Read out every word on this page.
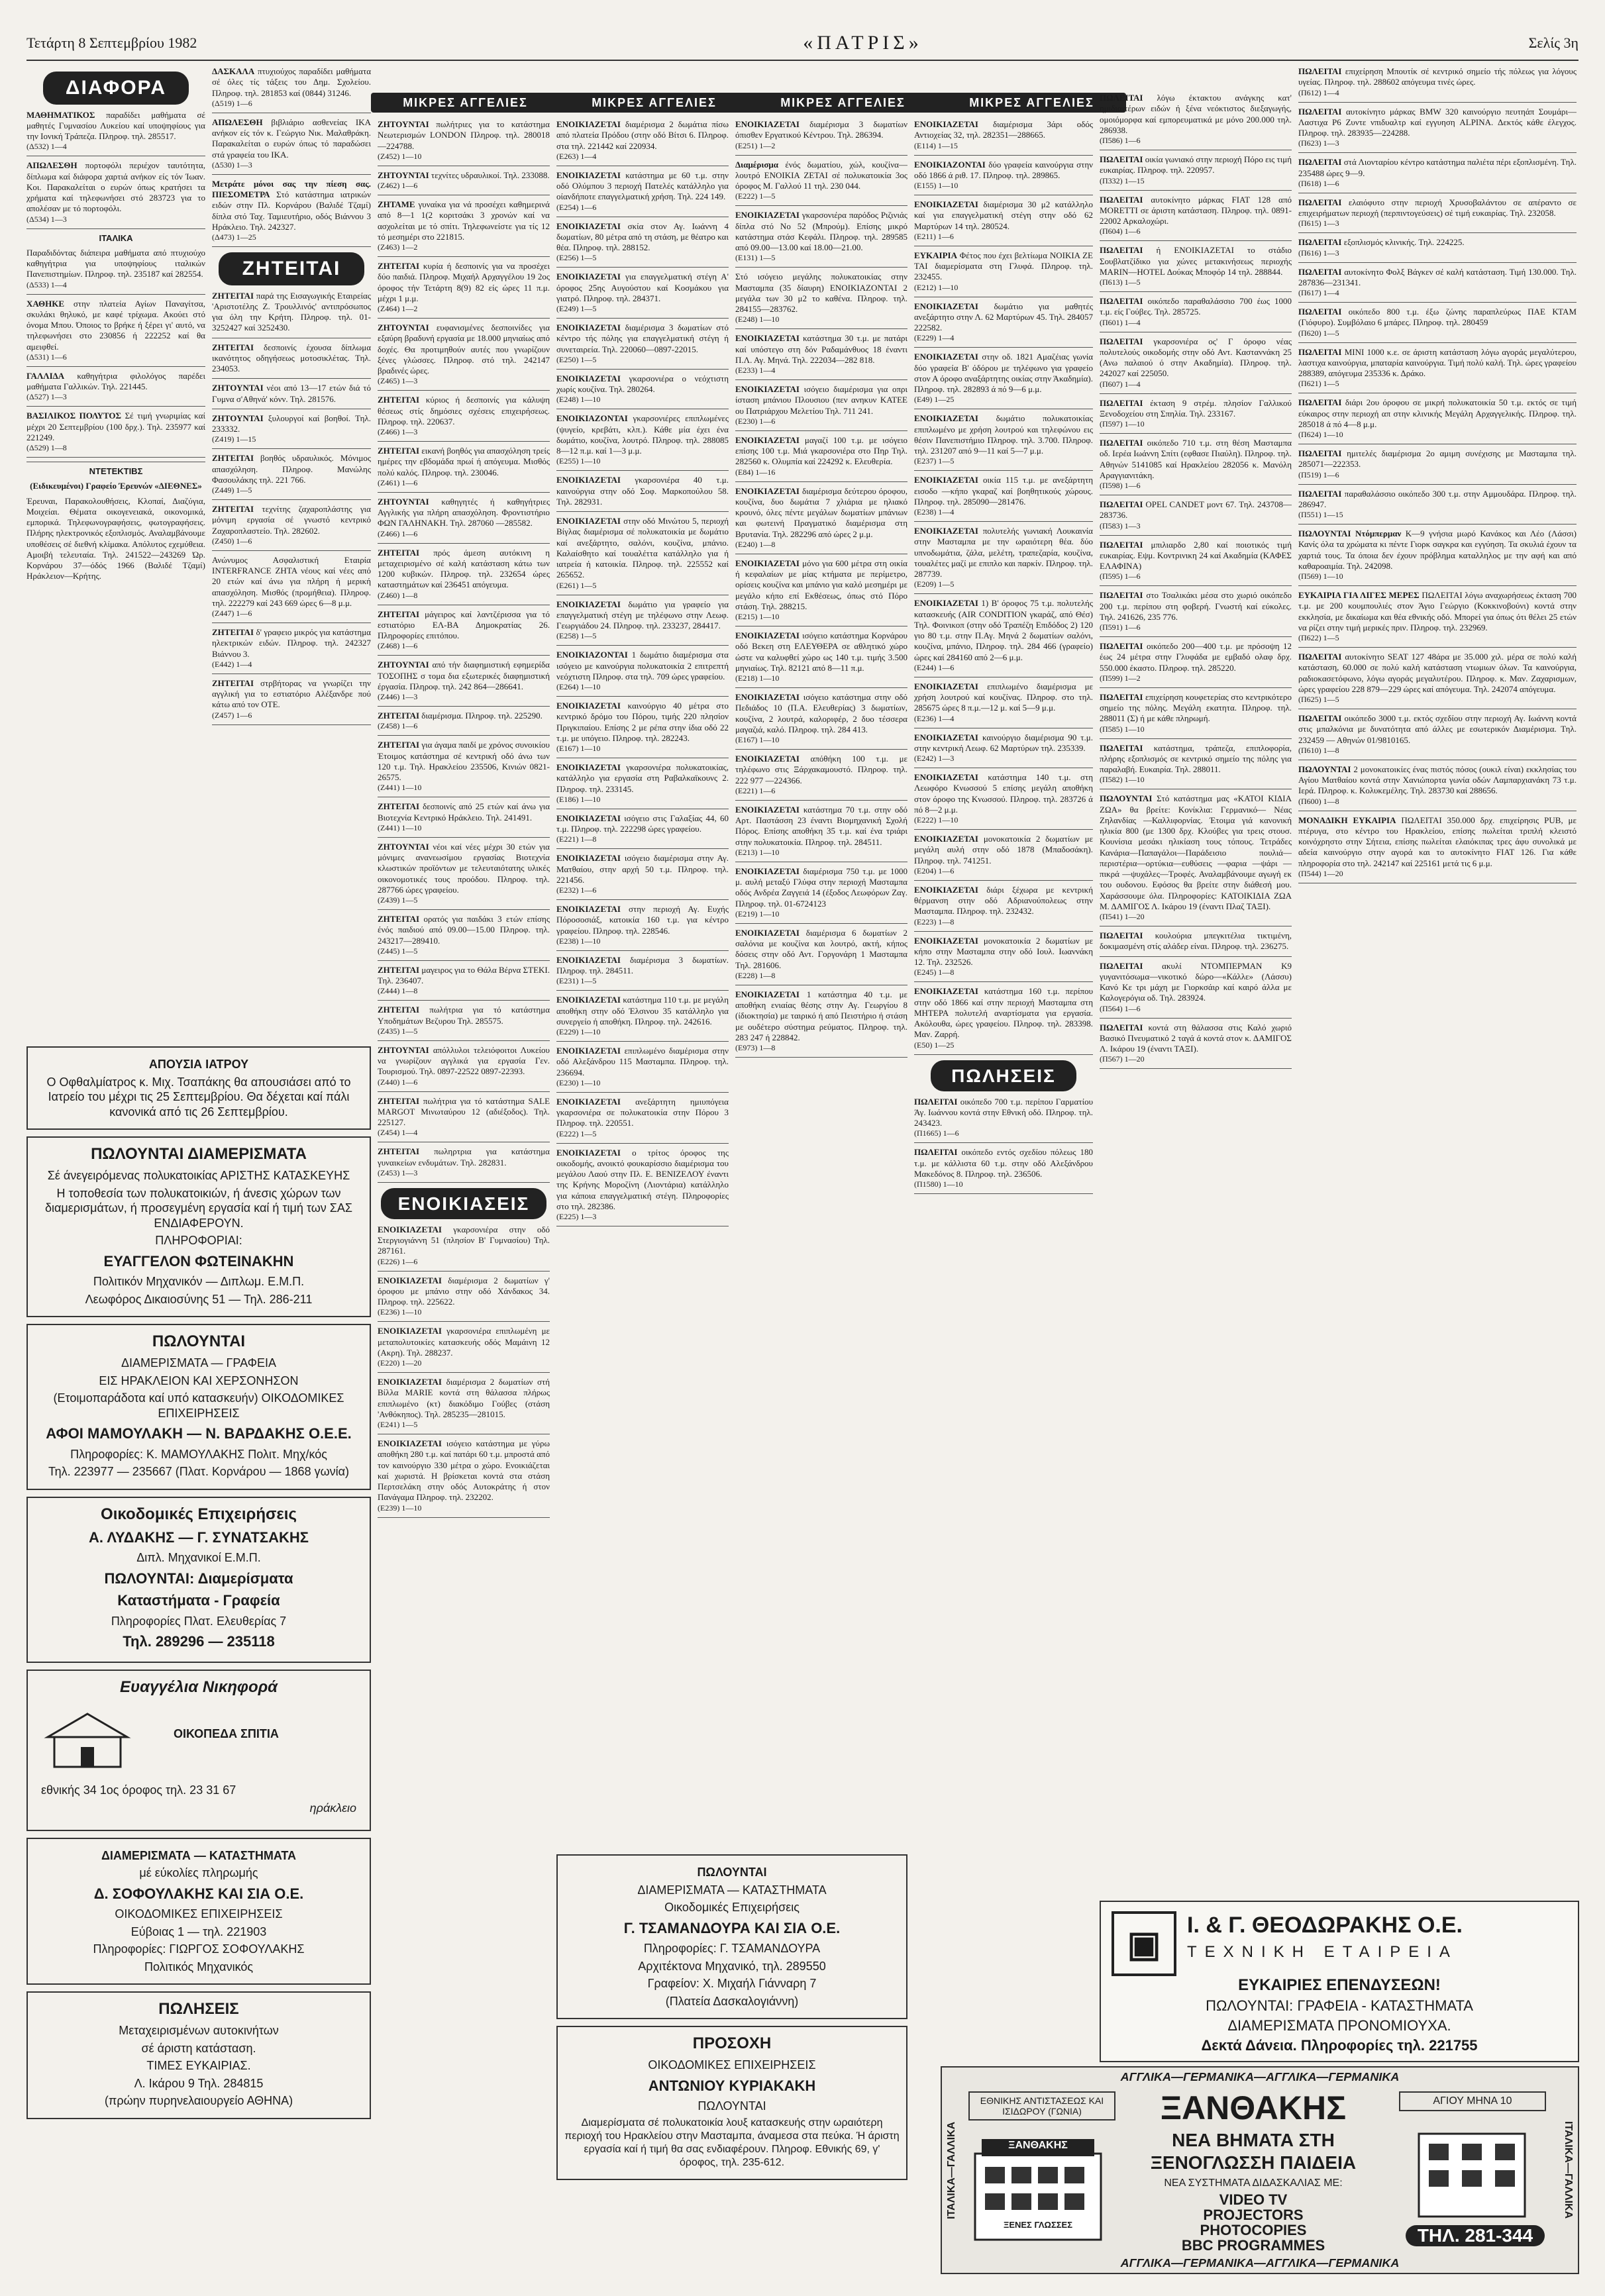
Τετάρτη 8 Σεπτεμβρίου 1982	«ΠΑΤΡΙΣ»	Σελίς 3η
ΜΙΚΡΕΣ ΑΓΓΕΛΙΕΣ	ΜΙΚΡΕΣ ΑΓΓΕΛΙΕΣ	ΜΙΚΡΕΣ ΑΓΓΕΛΙΕΣ	ΜΙΚΡΕΣ ΑΓΓΕΛΙΕΣ
ΔΙΑΦΟΡΑ

ΜΑΘΗΜΑΤΙΚΟΣ παραδίδει μαθήματα σέ μαθητές Γυμνασίου Λυκείου καί υποψηφίους για την Ιονική Τράπεζα. Πληροφ. τηλ. 285517.
(Δ532) 1—4

ΑΠΩΛΕΣΘΗ πορτοφόλι περιέχον ταυτότητα, δίπλωμα καί διάφορα χαρτιά ανήκον είς τόν Ίωαν. Κοι. Παρακαλείται ο ευρών όπως κρατήσει τα χρήματα καί τηλεφωνήσει στό 283723 για το απολέσαν με τό πορτοφόλι.
(Δ534) 1—3

ΙΤΑΛΙΚΑ

Παραδιδόντας διάπειρα μαθήματα από πτυχιούχο καθηγήτρια για υποψηφίους ιταλικών Πανεπιστημίων. Πληροφ. τηλ. 235187 καί 282554.
(Δ533) 1—4

ΧΑΘΗΚΕ στην πλατεία Αγίων Παναγίτσα, σκυλάκι θηλυκό, με καφέ τρίχωμα. Ακούει στό όνομα Μπου. Όποιος το βρήκε ή ξέρει γι' αυτό, να τηλεφωνήσει στο 230856 ή 222252 καί θα αμειφθεί.
(Δ531) 1—6

ΓΑΛΛΙΔΑ καθηγήτρια φιλολόγος παρέδει μαθήματα Γαλλικών. Τηλ. 221445.
(Δ527) 1—3

ΒΑΣΙΛΙΚΟΣ ΠΟΛΥΤΟΣ Σέ τιμή γνωριμίας καί μέχρι 20 Σεπτεμβρίου (100 δρχ.). Τηλ. 235977 καί 221249.
(Δ529) 1—8

ΝΤΕΤΕΚΤΙΒΣ

(Ειδικευμένοι) Γραφείο Έρευνών «ΔΙΕΘΝΕΣ»

Έρευναι, Παρακολουθήσεις, Κλοπαί, Διαζύγια, Μοιχείαι. Θέματα οικογενειακά, οικονομικά, εμπορικά. Τηλεφωνογραφήσεις, φωτογραφήσεις. Πλήρης ηλεκτρονικός εξοπλισμός. Αναλαμβάνουμε υποθέσεις σέ διεθνή κλίμακα. Απόλυτος εχεμύθεια. Αμοιβή τελευταία. Τηλ. 241522—243269 Ώρ. Κορνάρου 37—όδός 1966 (Βαλιδέ Τζαμί) Ηράκλειον—Κρήτης.

ΑΠΟΥΣΙΑ ΙΑΤΡΟΥ
Ο Οφθαλμίατρος κ. Μιχ. Τσαπάκης θα απουσιάσει από το Ιατρείο του μέχρι τις 25 Σεπτεμβρίου. Θα δέχεται καί πάλι κανονικά από τις 26 Σεπτεμβρίου.
ΠΩΛΟΥΝΤΑΙ ΔΙΑΜΕΡΙΣΜΑΤΑ
Σέ άνεγειρόμενας πολυκατοικίας ΑΡΙΣΤΗΣ ΚΑΤΑΣΚΕΥΗΣ
Η τοποθεσία των πολυκατοικιών, ή άνεσις χώρων των διαμερισμάτων, ή προσεγμένη εργασία καί ή τιμή των ΣΑΣ ΕΝΔΙΑΦΕΡΟΥΝ.
ΠΛΗΡΟΦΟΡΙΑΙ:
ΕΥΑΓΓΕΛΟΝ ΦΩΤΕΙΝΑΚΗΝ
Πολιτικόν Μηχανικόν — Διπλωμ. Ε.Μ.Π.
Λεωφόρος Δικαιοσύνης 51 — Τηλ. 286-211
ΠΩΛΟΥΝΤΑΙ
ΔΙΑΜΕΡΙΣΜΑΤΑ — ΓΡΑΦΕΙΑ
ΕΙΣ ΗΡΑΚΛΕΙΟΝ ΚΑΙ ΧΕΡΣΟΝΗΣΟΝ
(Ετοιμοπαράδοτα καί υπό κατασκευήν) ΟΙΚΟΔΟΜΙΚΕΣ ΕΠΙΧΕΙΡΗΣΕΙΣ
ΑΦΟΙ ΜΑΜΟΥΛΑΚΗ — Ν. ΒΑΡΔΑΚΗΣ Ο.Ε.Ε.
Πληροφορίες: Κ. ΜΑΜΟΥΛΑΚΗΣ Πολιτ. Μηχ/κός
Τηλ. 223977 — 235667 (Πλατ. Κορνάρου — 1868 γωνία)
Οικοδομικές Επιχειρήσεις
Α. ΛΥΔΑΚΗΣ — Γ. ΣΥΝΑΤΣΑΚΗΣ
Διπλ. Μηχανικοί Ε.Μ.Π.
ΠΩΛΟΥΝΤΑΙ: Διαμερίσματα
Καταστήματα - Γραφεία
Πληροφορίες Πλατ. Ελευθερίας 7
Τηλ. 289296 — 235118
Ευαγγέλια Νικηφορά
ΟΙΚΟΠΕΔΑ ΣΠΙΤΙΑ
εθνικής 34 1ος όροφος τηλ. 23 31 67
ηράκλειο
ΔΙΑΜΕΡΙΣΜΑΤΑ — ΚΑΤΑΣΤΗΜΑΤΑ
μέ εύκολίες πληρωμής
Δ. ΣΟΦΟΥΛΑΚΗΣ ΚΑΙ ΣΙΑ Ο.Ε.
ΟΙΚΟΔΟΜΙΚΕΣ ΕΠΙΧΕΙΡΗΣΕΙΣ
Εύβοιας 1 — τηλ. 221903
Πληροφορίες: ΓΙΩΡΓΟΣ ΣΟΦΟΥΛΑΚΗΣ
Πολιτικός Μηχανικός
ΠΩΛΗΣΕΙΣ
Μεταχειρισμένων αυτοκινήτων
σέ άριστη κατάσταση.
ΤΙΜΕΣ ΕΥΚΑΙΡΙΑΣ.
Λ. Ικάρου 9 Τηλ. 284815
(πρώην πυρηνελαιουργείο ΑΘΗΝΑ)

ΔΑΣΚΑΛΑ πτυχιούχος παραδίδει μαθήματα σέ όλες τίς τάξεις του Δημ. Σχολείου. Πληροφ. τηλ. 281853 καί (0844) 31246.
(Δ519) 1—6

ΑΠΩΛΕΣΘΗ βιβλιάριο ασθενείας ΙΚΑ ανήκον είς τόν κ. Γεώργιο Νικ. Μαλαθράκη. Παρακαλείται ο ευρών όπως τό παραδώσει στά γραφεία του ΙΚΑ.
(Δ530) 1—3

Μετράτε μόνοι σας την πίεση σας. ΠΙΕΣΟΜΕΤΡΑ Στό κατάστημα ιατρικών ειδών στην Πλ. Κορνάρου (Βαλιδέ Τζαμί) δίπλα στό Ταχ. Ταμιευτήριο, οδός Βιάννου 3 Ηράκλειο. Τηλ. 242327.
(Δ473) 1—25

ΖΗΤΕΙΤΑΙ

ΖΗΤΕΙΤΑΙ παρά της Εισαγωγικής Εταιρείας 'Αριστοτέλης Ζ. Τρουλλινός' αντιπρόσωπος για όλη την Κρήτη. Πληροφ. τηλ. 01-3252427 καί 3252430.

ΖΗΤΕΙΤΑΙ δεσποινίς έχουσα δίπλωμα ικανότητος οδηγήσεως μοτοσικλέτας. Τηλ. 234053.

ΖΗΤΟΥΝΤΑΙ νέοι από 13—17 ετών διά τό Γυμνα σ'Αθηνά' κόνν. Τηλ. 281576.

ΖΗΤΟΥΝΤΑΙ ξυλουργοί καί βοηθοί. Τηλ. 233332.
(Z419) 1—15

ΖΗΤΕΙΤΑΙ βοηθός υδραυλικός. Μόνιμος απασχόληση. Πληροφ. Μανώλης Φασουλάκης τηλ. 221 766.
(Z449) 1—5

ΖΗΤΕΙΤΑΙ τεχνίτης ζαχαροπλάστης για μόνιμη εργασία σέ γνωστό κεντρικό Ζαχαροπλαστείο. Τηλ. 282602.
(Z450) 1—6

Ανώνυμος Ασφαλιστική Εταιρία INTERFRANCE ZHTA νέους καί νέες από 20 ετών καί άνω για πλήρη ή μερική απασχόληση. Μισθός (προμήθεια). Πληροφ. τηλ. 222279 καί 243 669 ώρες 6—8 μ.μ.
(Z447) 1—6

ΖΗΤΕΙΤΑΙ δ' γραφειο μικρός για κατάστημα ηλεκτρικών ειδών. Πληροφ. τηλ. 242327 Βιάννου 3.
(E442) 1—4

ΖΗΤΕΙΤΑΙ στρβήτορας να γνωρίζει την αγγλική για το εστιατόριο Αλέξανδρε πού κάτω από τον ΟΤΕ.
(Z457) 1—6

ΖΗΤΟΥΝΤΑΙ πωλήτριες για το κατάστημα Νεωτερισμών LONDON Πληροφ. τηλ. 280018—224788.
(Z452) 1—10

ΖΗΤΟΥΝΤΑΙ τεχνίτες υδραυλικοί. Τηλ. 233088.
(Z462) 1—6

ΖΗΤΑΜΕ γυναίκα για νά προσέχει καθημερινά από 8—1 1(2 κοριτσάκι 3 χρονών καί να ασχολείται με τό σπίτι. Τηλεφωνείστε για τίς 12 τό μεσημέρι στο 221815.
(Z463) 1—2

ΖΗΤΕΙΤΑΙ κυρία ή δεσποινίς για να προσέχει δύο παιδιά. Πληροφ. Μιχαήλ Αρχαγγέλου 19 2ος όροφος τήν Τετάρτη 8(9) 82 είς ώρες 11 π.μ. μέχρι 1 μ.μ.
(Z464) 1—2

ΖΗΤΟΥΝΤΑΙ ευφανισμένες δεσποινίδες για εξαύρη βραδυνή εργασία με 18.000 μηνιαίως από δοχές. Θα προτιμηθούν αυτές που γνωρίζουν ξένες γλώσσες. Πληροφ. στό τηλ. 242147 βραδινές ώρες.
(Z465) 1—3

ΖΗΤΕΙΤΑΙ κύριος ή δεσποινίς για κάλυψη θέσεως στίς δημόσιες σχέσεις επιχειρήσεως. Πληροφ. τηλ. 220637.
(Z466) 1—3

ΖΗΤΕΙΤΑΙ εικανή βοηθός για απασχόληση τρείς ημέρες την εβδομάδα πρωί ή απόγευμα. Μισθός πολύ καλός. Πληροφ. τηλ. 230046.
(Z461) 1—6

ΖΗΤΟΥΝΤΑΙ καθηγητές ή καθηγήτριες Αγγλικής για πλήρη απασχόληση. Φροντιστήριο ΦΩΝ ΓΑΛΗΝΑΚΗ. Τηλ. 287060 —285582.
(Z466) 1—6

ΖΗΤΕΙΤΑΙ πρός άμεση αυτόκινη η μεταχειρισμένο σέ καλή κατάσταση κάτω των 1200 κυβικών. Πληροφ. τηλ. 232654 ώρες καταστημάτων καί 236451 απόγευμα.
(Z460) 1—8

ΖΗΤΕΙΤΑΙ μάγειρος καί λαντζέρισσα για τό εστιατόριο ΕΛ-ΒΑ Δημοκρατίας 26. Πληροφορίες επιτόπου.
(Z468) 1—6

ΖΗΤΟΥΝΤΑΙ από τήν διαφημιστική εφημερίδα ΤΟΣΟΠΗΣ σ τομα δια εξωτερικές διαφημιστική έργασία. Πληροφ. τηλ. 242 864—286641.
(Z446) 1—3

ΖΗΤΕΙΤΑΙ διαμέρισμα. Πληροφ. τηλ. 225290.
(Z458) 1—6

ΖΗΤΕΙΤΑΙ για άγαμα παιδί με χρόνος συνοικίου Έτοιμος κατάστημα σέ κεντρική οδό άνω των 120 τ.μ. Τηλ. Ηρακλείου 235506, Κινιών 0821-26575.
(Z441) 1—10

ΖΗΤΕΙΤΑΙ δεσποινίς από 25 ετών καί άνω για Βιοτεχνία Κεντρικό Ηράκλειο. Τηλ. 241491.
(Z441) 1—10

ΖΗΤΟΥΝΤΑΙ νέοι καί νέες μέχρι 30 ετών για μόνιμες ανανεωσίμου εργασίας Βιοτεχνία κλωστικών προϊόντων με τελευταιότατης υλικές οικονομοτικές τους προόδου. Πληροφ. τηλ. 287766 ώρες γραφείου.
(Z439) 1—5

ΖΗΤΕΙΤΑΙ ορατός για παιδάκι 3 ετών επίσης ένός παιδιού από 09.00—15.00 Πληροφ. τηλ. 243217—289410.
(Z445) 1—5

ΖΗΤΕΙΤΑΙ μαγειρος για το Θάλα Βέρνα ΣΤΕΚΙ. Τηλ. 236407.
(Z444) 1—8

ΖΗΤΕΙΤΑΙ πωλήτρια για τό κατάστημα Υποδημάτων Βεζυρου Τηλ. 285575.
(Z435) 1—5

ΖΗΤΟΥΝΤΑΙ απόλλυλοι τελειόφοιτοι Λυκείου να γνωρίζουν αγγλικά για εργασία Γεν. Τουρισμού. Τηλ. 0897-22522 0897-22393.
(Z440) 1—6

ΖΗΤΕΙΤΑΙ πωλήτρια για τό κατάστημα SALE MARGOT Μινωταύρου 12 (αδιέξοδος). Τηλ. 225127.
(Z454) 1—4

ΖΗΤΕΙΤΑΙ πωληρτρια για κατάστημα γυναικείων ενδυμάτων. Τηλ. 282831.
(Z453) 1—3

ΕΝΟΙΚΙΑΣΕΙΣ

ΕΝΟΙΚΙΑΖΕΤΑΙ γκαρσονιέρα στην οδό Στεργιογιάννη 51 (πλησίον Β' Γυμνασίου) Τηλ. 287161.
(E226) 1—6

ΕΝΟΙΚΙΑΖΕΤΑΙ διαμέρισμα 2 δωματίων γ' όροφου με μπάνιο στην οδό Χάνδακος 34. Πληροφ. τηλ. 225622.
(E236) 1—10

ΕΝΟΙΚΙΑΖΕΤΑΙ γκαρσονιέρα επιπλωμένη με μεταπολυτοικίες κατασκευής οδός Μαμάινη 12 (Ακρη). Τηλ. 288237.
(E220) 1—20

ΕΝΟΙΚΙΑΖΕΤΑΙ διαμέρισμα 2 δωματίων στή Βίλλα MARIE κοντά στη θάλασσα πλήρως επιπλωμένο (κτ) διακόδιμο Γούβες (στάση 'Ανθόκηπος). Τηλ. 285235—281015.
(E241) 1—5

ΕΝΟΙΚΙΑΖΕΤΑΙ ισόγειο κατάστημα με γύρω αποθήκη 280 τ.μ. καί πατάρι 60 τ.μ. μπροστά από τον καινούργιο 330 μέτρα ο χώρο. Ενοικιάζεται καί χωριστά. Η βρίσκεται κοντά στα στάση Περτσελάκη στην οδός Αυτοκράτης ή στον Πανάγαμα Πληροφ. τηλ. 232202.
(E239) 1—10

ΕΝΟΙΚΙΑΖΕΤΑΙ διαμέρισμα 2 δωμάτια πίσω από πλατεία Πρόδου (στην οδό Βίτσι 6. Πληροφ. στα τηλ. 221442 καί 220934.
(E263) 1—4

ΕΝΟΙΚΙΑΖΕΤΑΙ κατάστημα με 60 τ.μ. στην οδό Ολύμπου 3 περιοχή Πατελές κατάλληλο για οίανδήποτε επαγγελματική χρήση. Τηλ. 224 149.
(E254) 1—6

ΕΝΟΙΚΙΑΖΕΤΑΙ σκία στον Αγ. Ιωάννη 4 δωματίων, 80 μέτρα από τη στάση, με θέατρο και θέα. Πληροφ. τηλ. 288152.
(E256) 1—5

ΕΝΟΙΚΙΑΖΕΤΑΙ για επαγγελματική στέγη Α' όροφος 25ης Αυγούστου καί Κοσμάκου για γιατρό. Πληροφ. τηλ. 284371.
(E249) 1—5

ΕΝΟΙΚΙΑΖΕΤΑΙ διαμέρισμα 3 δωματίων στό κέντρο τής πόλης για επαγγελματική στέγη ή συνεταιρεία. Τηλ. 220060—0897-22015.
(E250) 1—5

ΕΝΟΙΚΙΑΖΕΤΑΙ γκαρσονιέρα ο νεόχτιστη χωρίς κουζίνα. Τηλ. 280264.
(E248) 1—10

ΕΝΟΙΚΙΑΖΟΝΤΑΙ γκαρσονιέρες επιπλωμένες (ψυγείο, κρεβάτι, κλπ.). Κάθε μία έχει ένα δωμάτιο, κουζίνα, λουτρό. Πληροφ. τηλ. 288085 8—12 π.μ. καί 1—3 μ.μ.
(E255) 1—10

ΕΝΟΙΚΙΑΖΕΤΑΙ γκαρσονιέρα 40 τ.μ. καινούργια στην οδό Σοφ. Μαρκοπούλου 58. Τηλ. 282931.

ΕΝΟΙΚΙΑΖΕΤΑΙ στην οδό Μινώτου 5, περιοχή Βίγλας διαμέρισμα σέ πολυκατοικία με δωμάτιο καί ανεξάρτητο, σαλόνι, κουζίνα, μπάνιο. Καλαίσθητο καί τουαλέττα κατάλληλο για ή ιατρεία ή κατοικία. Πληροφ. τηλ. 225552 καί 265652.
(E261) 1—5

ΕΝΟΙΚΙΑΖΕΤΑΙ δωμάτιο για γραφείο για επαγγελματική στέγη με τηλέφωνο στην Λεωφ. Γεωργιάδου 24. Πληροφ. τηλ. 233237, 284417.
(E258) 1—5

ΕΝΟΙΚΙΑΖΟΝΤΑΙ 1 δωμάτιο διαμέρισμα στα ισόγειο με καινούργια πολυκατοικία 2 επιτρεπτή νεόχτιστη Πληροφ. στα τηλ. 709 ώρες γραφείου.
(E264) 1—10

ΕΝΟΙΚΙΑΖΕΤΑΙ καινούργιο 40 μέτρα στο κεντρικό δρόμο του Πόρου, τιμής 220 πλησίον Πριγκιπαίου. Επίσης 2 με ρέπα στην ίδια οδό 22 τ.μ. με υπόγειο. Πληροφ. τηλ. 282243.
(E167) 1—10

ΕΝΟΙΚΙΑΖΕΤΑΙ γκαρσονιέρα πολυκατοικίας, κατάλληλο για εργασία στη Ραβαλκαϊκουνς 2. Πληροφ. τηλ. 233145.
(E186) 1—10

ΕΝΟΙΚΙΑΖΕΤΑΙ ισόγειο στις Γαλαξίας 44, 60 τ.μ. Πληροφ. τηλ. 222298 ώρες γραφείου.
(E221) 1—8

ΕΝΟΙΚΙΑΖΕΤΑΙ ισόγειο διαμέρισμα στην Αγ. Ματθαίου, στην αρχή 50 τ.μ. Πληροφ. τηλ. 221456.
(E232) 1—6

ΕΝΟΙΚΙΑΖΕΤΑΙ στην περιοχή Αγ. Ευχής Πόροσοσιάξ, κατοικία 160 τ.μ. για κέντρο γραφείου. Πληροφ. τηλ. 228546.
(E238) 1—10

ΕΝΟΙΚΙΑΖΕΤΑΙ διαμέρισμα 3 δωματίων. Πληροφ. τηλ. 284511.
(E231) 1—5

ΕΝΟΙΚΙΑΖΕΤΑΙ κατάστημα 110 τ.μ. με μεγάλη αποθήκη στην οδό Έλσινου 35 κατάλληλο για συνεργείο ή αποθήκη. Πληροφ. τηλ. 242616.
(E229) 1—10

ΕΝΟΙΚΙΑΖΕΤΑΙ επιπλωμένο διαμέρισμα στην οδό Αλεξάνδρου 115 Μασταμπα. Πληροφ. τηλ. 236694.
(E230) 1—10

ΕΝΟΙΚΙΑΖΕΤΑΙ ανεξάρτητη ημιυπόγεια γκαρσονιέρα σε πολυκατοικία στην Πόρου 3 Πληροφ. τηλ. 220551.
(E222) 1—5

ΕΝΟΙΚΙΑΖΕΤΑΙ ο τρίτος όροφος της οικοδομής, ανοικτό φουκαρίσσιο διαμέρισμα του μεγάλου Λαού στην Πλ. Ε. ΒΕΝΙΖΕΛΟΥ έναντι της Κρήνης Μοροζίνη (Λιοντάρια) κατάλληλο για κάποια επαγγελματική στέγη. Πληροφορίες στο τηλ. 282386.
(E225) 1—3

ΕΝΟΙΚΙΑΖΕΤΑΙ διαμέρισμα 3 δωματίων όπισθεν Εργατικού Κέντρου. Τηλ. 286394.
(E251) 1—2

Διαμέρισμα ένός δωματίου, χώλ, κουζίνα—λουτρό ΕΝΟΙΚΙΑ ΖΕΤΑΙ σέ πολυκατοικία 3ος όροφος Μ. Γαλλού 11 τηλ. 230 044.
(E222) 1—5

ΕΝΟΙΚΙΑΖΕΤΑΙ γκαρσονιέρα παρόδος Ριζινιάς δίπλα στό Νο 52 (Μπρούμ). Επίσης μικρό κατάστημα στάσ Κεφάλι. Πληροφ. τηλ. 289585 από 09.00—13.00 καί 18.00—21.00.
(E131) 1—5

Στό ισόγειο μεγάλης πολυκατοικίας στην Μασταμπα (35 δίαυρη) ΕΝΟΙΚΙΑΖΟΝΤΑΙ 2 μεγάλα των 30 μ2 το καθένα. Πληροφ. τηλ. 284155—283762.
(E248) 1—10

ΕΝΟΙΚΙΑΖΕΤΑΙ κατάστημα 30 τ.μ. με πατάρι καί υπόστεγο στη δόν Ραδαμάνθυος 18 έναντι Π.Λ. Αγ. Μηνά. Τηλ. 222034—282 818.
(E233) 1—4

ΕΝΟΙΚΙΑΖΕΤΑΙ ισόγειο διαμέρισμα για οπρι ίσταση μπάνιου Πλουσιου (πεν ανηκυν ΚΑΤΕΕ ου Πατριάρχου Μελετίου Τηλ. 711 241.
(E230) 1—6

ΕΝΟΙΚΙΑΖΕΤΑΙ μαγαζί 100 τ.μ. με ισόγειο επίσης 100 τ.μ. Μιά γκαρσονιέρα στο Πηρ Τηλ. 282560 κ. Ολυμπία καί 224292 κ. Ελευθερία.
(E84) 1—16

ΕΝΟΙΚΙΑΖΕΤΑΙ διαμέρισμα δεύτερου όροφου, κουζίνα, δυο δωμάτια 7 χλιάρια με ηλιακό κρουνό, όλες πέντε μεγάλων δωματίων μπάνιων και φωτεινή Πραγματικό διαμέρισμα στη Βρυτανία. Τηλ. 282296 από ώρες 2 μ.μ.
(E240) 1—8

ΕΝΟΙΚΙΑΖΕΤΑΙ μόνο για 600 μέτρα στη οικία ή κεφαλαίων με μίας κτήματα με περίμετρο, ορίσεις κουζίνα και μπάνιο για καλό μεσημέρι με μεγάλο κήπο επί Εκθέσεως, όπως στό Πόρο στάση. Τηλ. 288215.
(E215) 1—10

ΕΝΟΙΚΙΑΖΕΤΑΙ ισόγειο κατάστημα Κορνάρου οδό Βεκεη στη ΕΛΕΥΘΕΡΑ σε αθλητικό χώρο ώστε να καλυφθεί χώρο ως 140 τ.μ. τιμής 3.500 μηνιαίως. Τηλ. 82121 από 8—11 π.μ.
(E218) 1—10

ΕΝΟΙΚΙΑΖΕΤΑΙ ισόγειο κατάστημα στην οδό Πεδιάδος 10 (Π.Α. Ελευθερίας) 3 δωματίων, κουζίνα, 2 λουτρά, καλοριφέρ, 2 δυο τέσσερα μαγαζιά, καλό. Πληροφ. τηλ. 284 413.
(E167) 1—10

ΕΝΟΙΚΙΑΖΕΤΑΙ απόθήκη 100 τ.μ. με τηλέφωνο στις Ξάρχακαμουστό. Πληροφ. τηλ. 222 977 —224366.
(E221) 1—6

ΕΝΟΙΚΙΑΖΕΤΑΙ κατάστημα 70 τ.μ. στην οδό Αρτ. Παστάσση 23 έναντι Βιομηχανική Σχολή Πόρος. Επίσης αποθήκη 35 τ.μ. καί ένα τριάρι στην πολυκατοικία. Πληροφ. τηλ. 284511.
(E213) 1—10

ΕΝΟΙΚΙΑΖΕΤΑΙ διαμέρισμα 750 τ.μ. με 1000 μ. αυλή μεταξύ Γλύφα στην περιοχή Μασταμπα οδός Ανδρέα Ζαγγειά 14 (έξοδος Λεωφόρων Ζαγ. Πληροφ. τηλ. 01-6724123
(E219) 1—10

ΕΝΟΙΚΙΑΖΕΤΑΙ διαμέρισμα 6 δωματίων 2 σαλόνια με κουζίνα και λουτρό, ακτή, κήπος δόσεις στην οδό Αντ. Γοργονάρη 1 Μασταμπα Τηλ. 281606.
(E228) 1—8

ΕΝΟΙΚΙΑΖΕΤΑΙ 1 κατάστημα 40 τ.μ. με αποθήκη ενιαίας θέσης στην Αγ. Γεωργίου 8 (ίδιοκτησία) με ταιρικό ή από Πειστήριο ή στάση με ουδέτερο σύστημα ρεύματος. Πληροφ. τηλ. 283 247 ή 228842.
(E973) 1—8

ΠΩΛΟΥΝΤΑΙ
ΔΙΑΜΕΡΙΣΜΑΤΑ — ΚΑΤΑΣΤΗΜΑΤΑ
Οικοδομικές Επιχειρήσεις
Γ. ΤΣΑΜΑΝΔΟΥΡΑ ΚΑΙ ΣΙΑ Ο.Ε.
Πληροφορίες: Γ. ΤΣΑΜΑΝΔΟΥΡΑ
Αρχιτέκτονα Μηχανικό, τηλ. 289550
Γραφείον: Χ. Μιχαήλ Γιάνναρη 7
(Πλατεία Δασκαλογιάννη)
ΠΡΟΣΟΧΗ
ΟΙΚΟΔΟΜΙΚΕΣ ΕΠΙΧΕΙΡΗΣΕΙΣ
ΑΝΤΩΝΙΟΥ ΚΥΡΙΑΚΑΚΗ
ΠΩΛΟΥΝΤΑΙ
Διαμερίσματα σέ πολυκατοικία λουξ κατασκευής στην ωραιότερη περιοχή του Ηρακλείου στην Μασταμπα, άναμεσα στα πεύκα. Ή άριστη εργασία καί ή τιμή θα σας ενδιαφέρουν. Πληροφ. Εθνικής 69, γ' όροφος, τηλ. 235-612.

ΕΝΟΙΚΙΑΖΕΤΑΙ διαμέρισμα 3άρι οδός Αντιοχείας 32, τηλ. 282351—288665.
(E114) 1—15

ΕΝΟΙΚΙΑΖΟΝΤΑΙ δύο γραφεία καινούργια στην οδό 1866 ά ριθ. 17. Πληροφ. τηλ. 289865.
(E155) 1—10

ΕΝΟΙΚΙΑΖΕΤΑΙ διαμέρισμα 30 μ2 κατάλληλο καί για επαγγελματική στέγη στην οδό 62 Μαρτύρων 14 τηλ. 280524.
(E211) 1—6

ΕΥΚΑΙΡΙΑ Φέτος που έχει βελτίωμα ΝΟΙΚΙΑ ΖΕ ΤΑΙ διαμερίσματα στη Γλυφά. Πληροφ. τηλ. 232455.
(E212) 1—10

ΕΝΟΙΚΙΑΖΕΤΑΙ δωμάτιο για μαθητές ανεξάρτητο στην Λ. 62 Μαρτύρων 45. Τηλ. 284057 222582.
(E229) 1—4

ΕΝΟΙΚΙΑΖΕΤΑΙ στην οδ. 1821 Αμαζέιας γωνία δύο γραφεία Β' όδόρου με τηλέφωνο για γραφείο στον Α όροφο αναξάρτητης οικίας στην Άκαδημία). Πληροφ. τηλ. 282893 ά πό 9—6 μ.μ.
(E49) 1—25

ΕΝΟΙΚΙΑΖΕΤΑΙ δωμάτιο πολυκατοικίας επιπλωμένο με χρήση λουτρού και τηλεφώνου εις θέσιν Πανεπιστήμιο Πληροφ. τηλ. 3.700. Πληροφ. τηλ. 231207 από 9—11 καί 5—7 μ.μ.
(E237) 1—5

ΕΝΟΙΚΙΑΖΕΤΑΙ οικία 115 τ.μ. με ανεξάρτητη εισοδο —κήπο γκαραζ καί βοηθητικούς χώρους. Πληροφ. τηλ. 285090—281476.
(E238) 1—4

ΕΝΟΙΚΙΑΖΕΤΑΙ πολυτελής γωνιακή Λουκαινία στην Μασταμπα με την ωραιότερη θέα. δύο υπνοδωμάτια, ζάλα, μελέτη, τραπεζαρία, κουζίνα, τουαλέτες μαζί με επιπλο και παρκίν. Πληροφ. τηλ. 287739.
(E209) 1—5

ΕΝΟΙΚΙΑΖΕΤΑΙ 1) Β' όροφος 75 τ.μ. πολυτελής κατασκευής (AIR CONDITION γκαράζ, από Θέσ) Τηλ. Φοινικοπ (στην οδό Τραπέζη Επιδόδος 2) 120 γιο 80 τ.μ. στην Π.Αγ. Μηνά 2 δωματίων σαλόνι, κουζίνα, μπάνιο, Πληροφ. τηλ. 284 466 (γραφείο) ώρες καί 284160 από 2—6 μ.μ.
(E244) 1—6

ΕΝΟΙΚΙΑΖΕΤΑΙ επιπλωμένο διαμέρισμα με χρήση λουτρού καί κουζίνας. Πληροφ. στο τηλ. 285675 ώρες 8 π.μ.—12 μ. καί 5—9 μ.μ.
(E236) 1—4

ΕΝΟΙΚΙΑΖΕΤΑΙ καινούργιο διαμέρισμα 90 τ.μ. στην κεντρική Λεωφ. 62 Μαρτύρων τηλ. 235339.
(E242) 1—3

ΕΝΟΙΚΙΑΖΕΤΑΙ κατάστημα 140 τ.μ. στη Λεωφόρο Κνωσσού 5 επίσης μεγάλη αποθήκη στον όροφο της Κνωσσού. Πληροφ. τηλ. 283726 ά πό 8—2 μ.μ.
(E222) 1—10

ΕΝΟΙΚΙΑΖΕΤΑΙ μονοκατοικία 2 δωματίων με μεγάλη αυλή στην οδό 1878 (Μπαδοσάκη). Πληροφ. τηλ. 741251.
(E204) 1—6

ΕΝΟΙΚΙΑΖΕΤΑΙ διάρι ξέχωρα με κεντρική θέρμανση στην οδό Αδριανούπολεως στην Μασταμπα. Πληροφ. τηλ. 232432.
(E223) 1—8

ΕΝΟΙΚΙΑΖΕΤΑΙ μονοκατοικία 2 δωματίων με κήπο στην Μασταμπα στην οδό Ιουλ. Ιωαννάκη 12. Τηλ. 232526.
(E245) 1—8

ΕΝΟΙΚΙΑΖΕΤΑΙ κατάστημα 160 τ.μ. περίπου στην οδό 1866 καί στην περιοχή Μασταμπα στη ΜΗΤΕΡΑ πολυτελή αναρτίσματα για εργασία. Ακόλουθα, ώρες γραφείου. Πληροφ. τηλ. 283398. Μαν. Ζαρρή.
(E50) 1—25

ΠΩΛΗΣΕΙΣ

ΠΩΛΕΙΤΑΙ οικόπεδο 700 τ.μ. περίπου Γαρματίου Άγ. Ιωάννου κοντά στην Εθνική οδό. Πληροφ. τηλ. 243423.
(Π1665) 1—6

ΠΩΛΕΙΤΑΙ οικόπεδο εντός σχεδίου πόλεως 180 τ.μ. με κάλλιστα 60 τ.μ. στην οδό Αλεξάνδρου Μακεδόνος 8. Πληροφ. τηλ. 236506.
(Π1580) 1—10

ΠΩΛΕΙΤΑΙ λόγω έκτακτου ανάγκης κατ' ημιδιαιτέρων ειδών ή ξένα νεόκτιστος διεξαγωγής, ομοιόμορφα καί εμπορευματικά με μόνο 200.000 τηλ. 286938.
(Π586) 1—6

ΠΩΛΕΙΤΑΙ οικία γωνιακό στην περιοχή Πόρο εις τιμή ευκαιρίας. Πληροφ. τηλ. 220957.
(Π332) 1—15

ΠΩΛΕΙΤΑΙ αυτοκίνητο μάρκας FIAT 128 από MORETTI σε άριστη κατάσταση. Πληροφ. τηλ. 0891-22002 Αρκαλοχώρι.
(Π604) 1—6

ΠΩΛΕΙΤΑΙ ή ΕΝΟΙΚΙΑΖΕΤΑΙ το στάδιο Σουβλατζίδικο για χώνες μετακινήσεως περιοχής MARIN—HOTEL Δούκας Μποφόρ 14 τηλ. 288844.
(Π613) 1—5

ΠΩΛΕΙΤΑΙ οικόπεδο παραθαλάσσιο 700 έως 1000 τ.μ. είς Γούβες. Τηλ. 285725.
(Π601) 1—4

ΠΩΛΕΙΤΑΙ γκαρσονιέρα ος' Γ όροφο νέας πολυτελούς οικοδομής στην οδό Αντ. Κασταννάκη 25 (Ανω παλαιού ό στην Ακαδημία). Πληροφ. τηλ. 242027 καί 225050.
(Π607) 1—4

ΠΩΛΕΙΤΑΙ έκταση 9 στρέμ. πλησίον Γαλλικού Ξενοδοχείου στη Σπηλία. Τηλ. 233167.
(Π597) 1—10

ΠΩΛΕΙΤΑΙ οικόπεδο 710 τ.μ. στη θέση Μασταμπα οδ. Ιερέα Ιωάννη Σπίτι (εφθασε Πιαύλη). Πληροφ. τηλ. Αθηνών 5141085 καί Ηρακλείου 282056 κ. Μανόλη Αραγγιανιτάκη.
(Π598) 1—6

ΠΩΛΕΙΤΑΙ OPEL CANDET μοντ 67. Τηλ. 243708—283736.
(Π583) 1—3

ΠΩΛΕΙΤΑΙ μπιλιαρδο 2,80 καί ποιοτικός τιμή ευκαιρίας. Εψμ. Κοντρινικη 24 καί Ακαδημία (ΚΑΦΕΣ ΕΛΑΦΙΝΑ)
(Π595) 1—6

ΠΩΛΕΙΤΑΙ στο Τσαλικάκι μέσα στο χωριό οικόπεδο 200 τ.μ. περίπου στη φοβερή. Γνωστή καί εύκολες. Τηλ. 241626, 235 776.
(Π591) 1—6

ΠΩΛΕΙΤΑΙ οικόπεδο 200—400 τ.μ. με πρόσοψη 12 έως 24 μέτρα στην Γλυφάδα με εμβαδό ολαφ δρχ. 550.000 έκαστο. Πληροφ. τηλ. 285220.
(Π599) 1—2

ΠΩΛΕΙΤΑΙ επιχείρηση κουφετερίας στο κεντρικότερο σημείο της πόλης. Μεγάλη εκατητα. Πληροφ. τηλ. 288011 (Σ) ή με κάθε πληρωμή.
(Π585) 1—10

ΠΩΛΕΙΤΑΙ κατάστημα, τράπεζα, επιπλοφορία, πλήρης εξοπλισμός σε κεντρικό σημείο της πόλης για παραλαβή. Ευκαιρία. Τηλ. 288011.
(Π582) 1—10

ΠΩΛΟΥΝΤΑΙ Στό κατάστημα μας «ΚΑΤΟΙ ΚΙΔΙΑ ΖΩΑ» θα βρείτε: Κονίκλια: Γερμανικό— Νέας Ζηλανδίας —Καλλιφορνίας. Έτοιμα γιά κανονική ηλικία 800 (με 1300 δρχ. Κλούβες για τρεις στουσ. Κουνίσια μεσάκι ηλικίαση τους τόπους. Τετράδες Κανάρια—Παπαγάλοι—Παράδεισιο πουλιά—περιστέρια—ορτύκια—ευθύσεις —φαρια —ψάρι —πικρά —ψυχάλες—Τροφές. Αναλαμβάνουμε αγωγή εκ του ουδονου. Εφόσος θα βρείτε στην διάθεσή μου. Χαράσσουμε όλα. Πληροφορίες: ΚΑΤΟΙΚΙΔΙΑ ΖΩΑ Μ. ΔΑΜΙΓΟΣ Λ. Ικάρου 19 (έναντι Πλαζ ΤΑΞΙ).
(Π541) 1—20

ΠΩΛΕΙΤΑΙ κουλούρια μπεγκιτέλια τικτιμένη, δοκιμασμένη στίς αλάδερ είναι. Πληροφ. τηλ. 236275.

ΠΩΛΕΙΤΑΙ ακυλί ΝΤΟΜΠΕΡΜΑΝ Κ9 γυγανιτόσωμα—νικοτικό δώρο—«Κάλλε» (Λάσσυ) Κανό Κε τρι μάχη με Γιορκσάιρ καί καιρό άλλα με Καλογερόγια οδ. Τηλ. 283924.
(Π564) 1—6

ΠΩΛΕΙΤΑΙ κοντά στη θάλασσα στις Καλό χωριό Βασικό Πνευματικό 2 ταγά ά κοντά στον κ. ΔΑΜΙΓΟΣ Λ. Ικάρου 19 (έναντι ΤΑΞΙ).
(Π567) 1—20

ΠΩΛΕΙΤΑΙ επιχείρηση Μπουτίκ σέ κεντρικό σημείο τής πόλεως για λόγους υγείας. Πληροφ. τηλ. 288602 απόγευμα τινές ώρες.
(Π612) 1—4

ΠΩΛΕΙΤΑΙ αυτοκίνητο μάρκας BMW 320 καινούργιο πευτηάπ Σουμάρι—Λαστιχα Ρ6 Ζυντε νπιδυαλτρ καί εγγυηση ALPINA. Δεκτός κάθε έλεγχος. Πληροφ. τηλ. 283935—224288.
(Π623) 1—3

ΠΩΛΕΙΤΑΙ στά Λιονταρίου κέντρο κατάστημα παλιέτα πέρι εξοπλισμένη. Τηλ. 235488 ώρες 9—9.
(Π618) 1—6

ΠΩΛΕΙΤΑΙ ελαιόφυτο στην περιοχή Χρυσοβαλάντου σε απέραντο σε επιχειρήματων περιοχή (περπιντογεύσεις) σέ τιμή ευκαιρίας. Τηλ. 232058.
(Π615) 1—3

ΠΩΛΕΙΤΑΙ εξοπλισμός κλινικής. Τηλ. 224225.
(Π616) 1—3

ΠΩΛΕΙΤΑΙ αυτοκίνητο Φολξ Βάγκεν σέ καλή κατάσταση. Τιμή 130.000. Τηλ. 287836—231341.
(Π617) 1—4

ΠΩΛΕΙΤΑΙ οικόπεδο 800 τ.μ. έξω ζώνης παραπλεύρως ΠΑΕ ΚΤΑΜ (Γιόφυρο). Συμβόλαιο 6 μπάρες. Πληροφ. τηλ. 280459
(Π620) 1—5

ΠΩΛΕΙΤΑΙ MINI 1000 κ.ε. σε άριστη κατάσταση λόγω αγοράς μεγαλύτερου, λαστιχα καινούργια, μπαταρία καινούργια. Τιμή πολύ καλή. Τηλ. ώρες γραφείου 288389, απόγευμα 235336 κ. Δράκο.
(Π621) 1—5

ΠΩΛΕΙΤΑΙ διάρι 2ου όροφου σε μικρή πολυκατοικία 50 τ.μ. εκτός σε τιμή εύκαιρος στην περιοχή απ στην κλινικής Μεγάλη Αρχαγγελικής. Πληροφ. τηλ. 285018 ά πό 4—8 μ.μ.
(Π624) 1—10

ΠΩΛΕΙΤΑΙ ημιτελές διαμέρισμα 2ο αμιμη συνέχισης με Μασταμπα τηλ. 285071—222353.
(Π519) 1—6

ΠΩΛΕΙΤΑΙ παραθαλάσσιο οικόπεδο 300 τ.μ. στην Αμμουδάρα. Πληροφ. τηλ. 286947.
(Π551) 1—15

ΠΩΛΟΥΝΤΑΙ Ντόμπερμαν Κ—9 γνήσια μωρό Κανάκος και Λέο (Λάσσι) Κανίς όλα τα χρώματα κι πέντε Γιορκ σαγκρα και εγγύηση. Τα σκυλιά έχουν τα χαρτιά τους. Τα όποια δεν έχουν πρόβλημα καταλληλος με την αφή και από καθαροαιμία. Τηλ. 242098.
(Π569) 1—10

ΕΥΚΑΙΡΙΑ ΓΙΑ ΛΙΓΕΣ ΜΕΡΕΣ ΠΩΛΕΙΤΑΙ λόγω αναχωρήσεως έκταση 700 τ.μ. με 200 κουμπουλιές στον Άγιο Γεώργιο (Κοκκινοβούνι) κοντά στην εκκλησία, με δικαίωμα και θέα εθνικής οδό. Μπορεί για όπως ότι θέλει 25 ετών να ρίζει στην τιμή μερικές πριν. Πληροφ. τηλ. 232969.
(Π622) 1—5

ΠΩΛΕΙΤΑΙ αυτοκίνητο SEAT 127 48άρα με 35.000 χιλ. μέρα σε πολύ καλή κατάσταση, 60.000 σε πολύ καλή κατάσταση ντωμιων όλων. Τα καινούργια, ραδιοκασετόφωνο, λόγω αγοράς μεγαλυτέρου. Πληροφ. κ. Μαν. Ζαχαρισμων, ώρες γραφείου 228 879—229 ώρες καί απόγευμα. Τηλ. 242074 απόγευμα.
(Π625) 1—5

ΠΩΛΕΙΤΑΙ οικόπεδο 3000 τ.μ. εκτός σχεδίου στην περιοχή Αγ. Ιωάννη κοντά στις μπαλκόνια με δυνατότητα από άλλες με εσωτερικόν Διαμέρισμα. Τηλ. 232459 — Αθηνών 01/9810165.
(Π610) 1—8

ΠΩΛΟΥΝΤΑΙ 2 μονοκατοικίες ένας πιστός πόσος (ουκιλ είναι) εκκλησίας του Αγίου Ματθαίου κοντά στην Χανιώπορτα γωνία οδών Λαμπαρχιανάκη 73 τ.μ. Ιερά. Πληροφ. κ. Κολυκεμέλης. Τηλ. 283730 καί 288656.
(Π600) 1—8

ΜΟΝΑΔΙΚΗ ΕΥΚΑΙΡΙΑ ΠΩΛΕΙΤΑΙ 350.000 δρχ. επιχείρησις PUB, με πτέρυγα, στο κέντρο του Ηρακλείου, επίσης πωλείται τριπλή κλειστό κοινόχρηστο στην Σήτεια, επίσης πωλείται ελαιόκιπας τρες άφυ συνολικά με αδεία καινούργιο στην αγορά και το αυτοκίνητο FIAT 126. Για κάθε πληροφορία στο τηλ. 242147 καί 225161 μετά τις 6 μ.μ.
(Π544) 1—20

▣	Ι. & Γ. ΘΕΟΔΩΡΑΚΗΣ Ο.Ε.
ΤΕΧΝΙΚΗ ΕΤΑΙΡΕΙΑ
ΕΥΚΑΙΡΙΕΣ ΕΠΕΝΔΥΣΕΩΝ!
ΠΩΛΟΥΝΤΑΙ: ΓΡΑΦΕΙΑ - ΚΑΤΑΣΤΗΜΑΤΑ
ΔΙΑΜΕΡΙΣΜΑΤΑ ΠΡΟΝΟΜΙΟΥΧΑ.
Δεκτά Δάνεια. Πληροφορίες τηλ. 221755
ΑΓΓΛΙΚΑ—ΓΕΡΜΑΝΙΚΑ—ΑΓΓΛΙΚΑ—ΓΕΡΜΑΝΙΚΑ
ΑΓΓΛΙΚΑ—ΓΕΡΜΑΝΙΚΑ—ΑΓΓΛΙΚΑ—ΓΕΡΜΑΝΙΚΑ
ΙΤΑΛΙΚΑ—ΓΑΛΛΙΚΑ	ΙΤΑΛΙΚΑ—ΓΑΛΛΙΚΑ
ΕΘΝΙΚΗΣ ΑΝΤΙΣΤΑΣΕΩΣ ΚΑΙ ΙΣΙΔΩΡΟΥ (ΓΩΝΙΑ)
ΞΑΝΘΑΚΗΣ
ΞΕΝΕΣ ΓΛΩΣΣΕΣ
ΞΑΝΘΑΚΗΣ
ΝΕΑ ΒΗΜΑΤΑ ΣΤΗ
ΞΕΝΟΓΛΩΣΣΗ ΠΑΙΔΕΙΑ
ΝΕΑ ΣΥΣΤΗΜΑΤΑ ΔΙΔΑΣΚΑΛΙΑΣ ΜΕ:
VIDEO TV
PROJECTORS
PHOTOCOPIES
BBC PROGRAMMES
ΑΓΙΟΥ ΜΗΝΑ 10
ΤΗΛ. 281-344
